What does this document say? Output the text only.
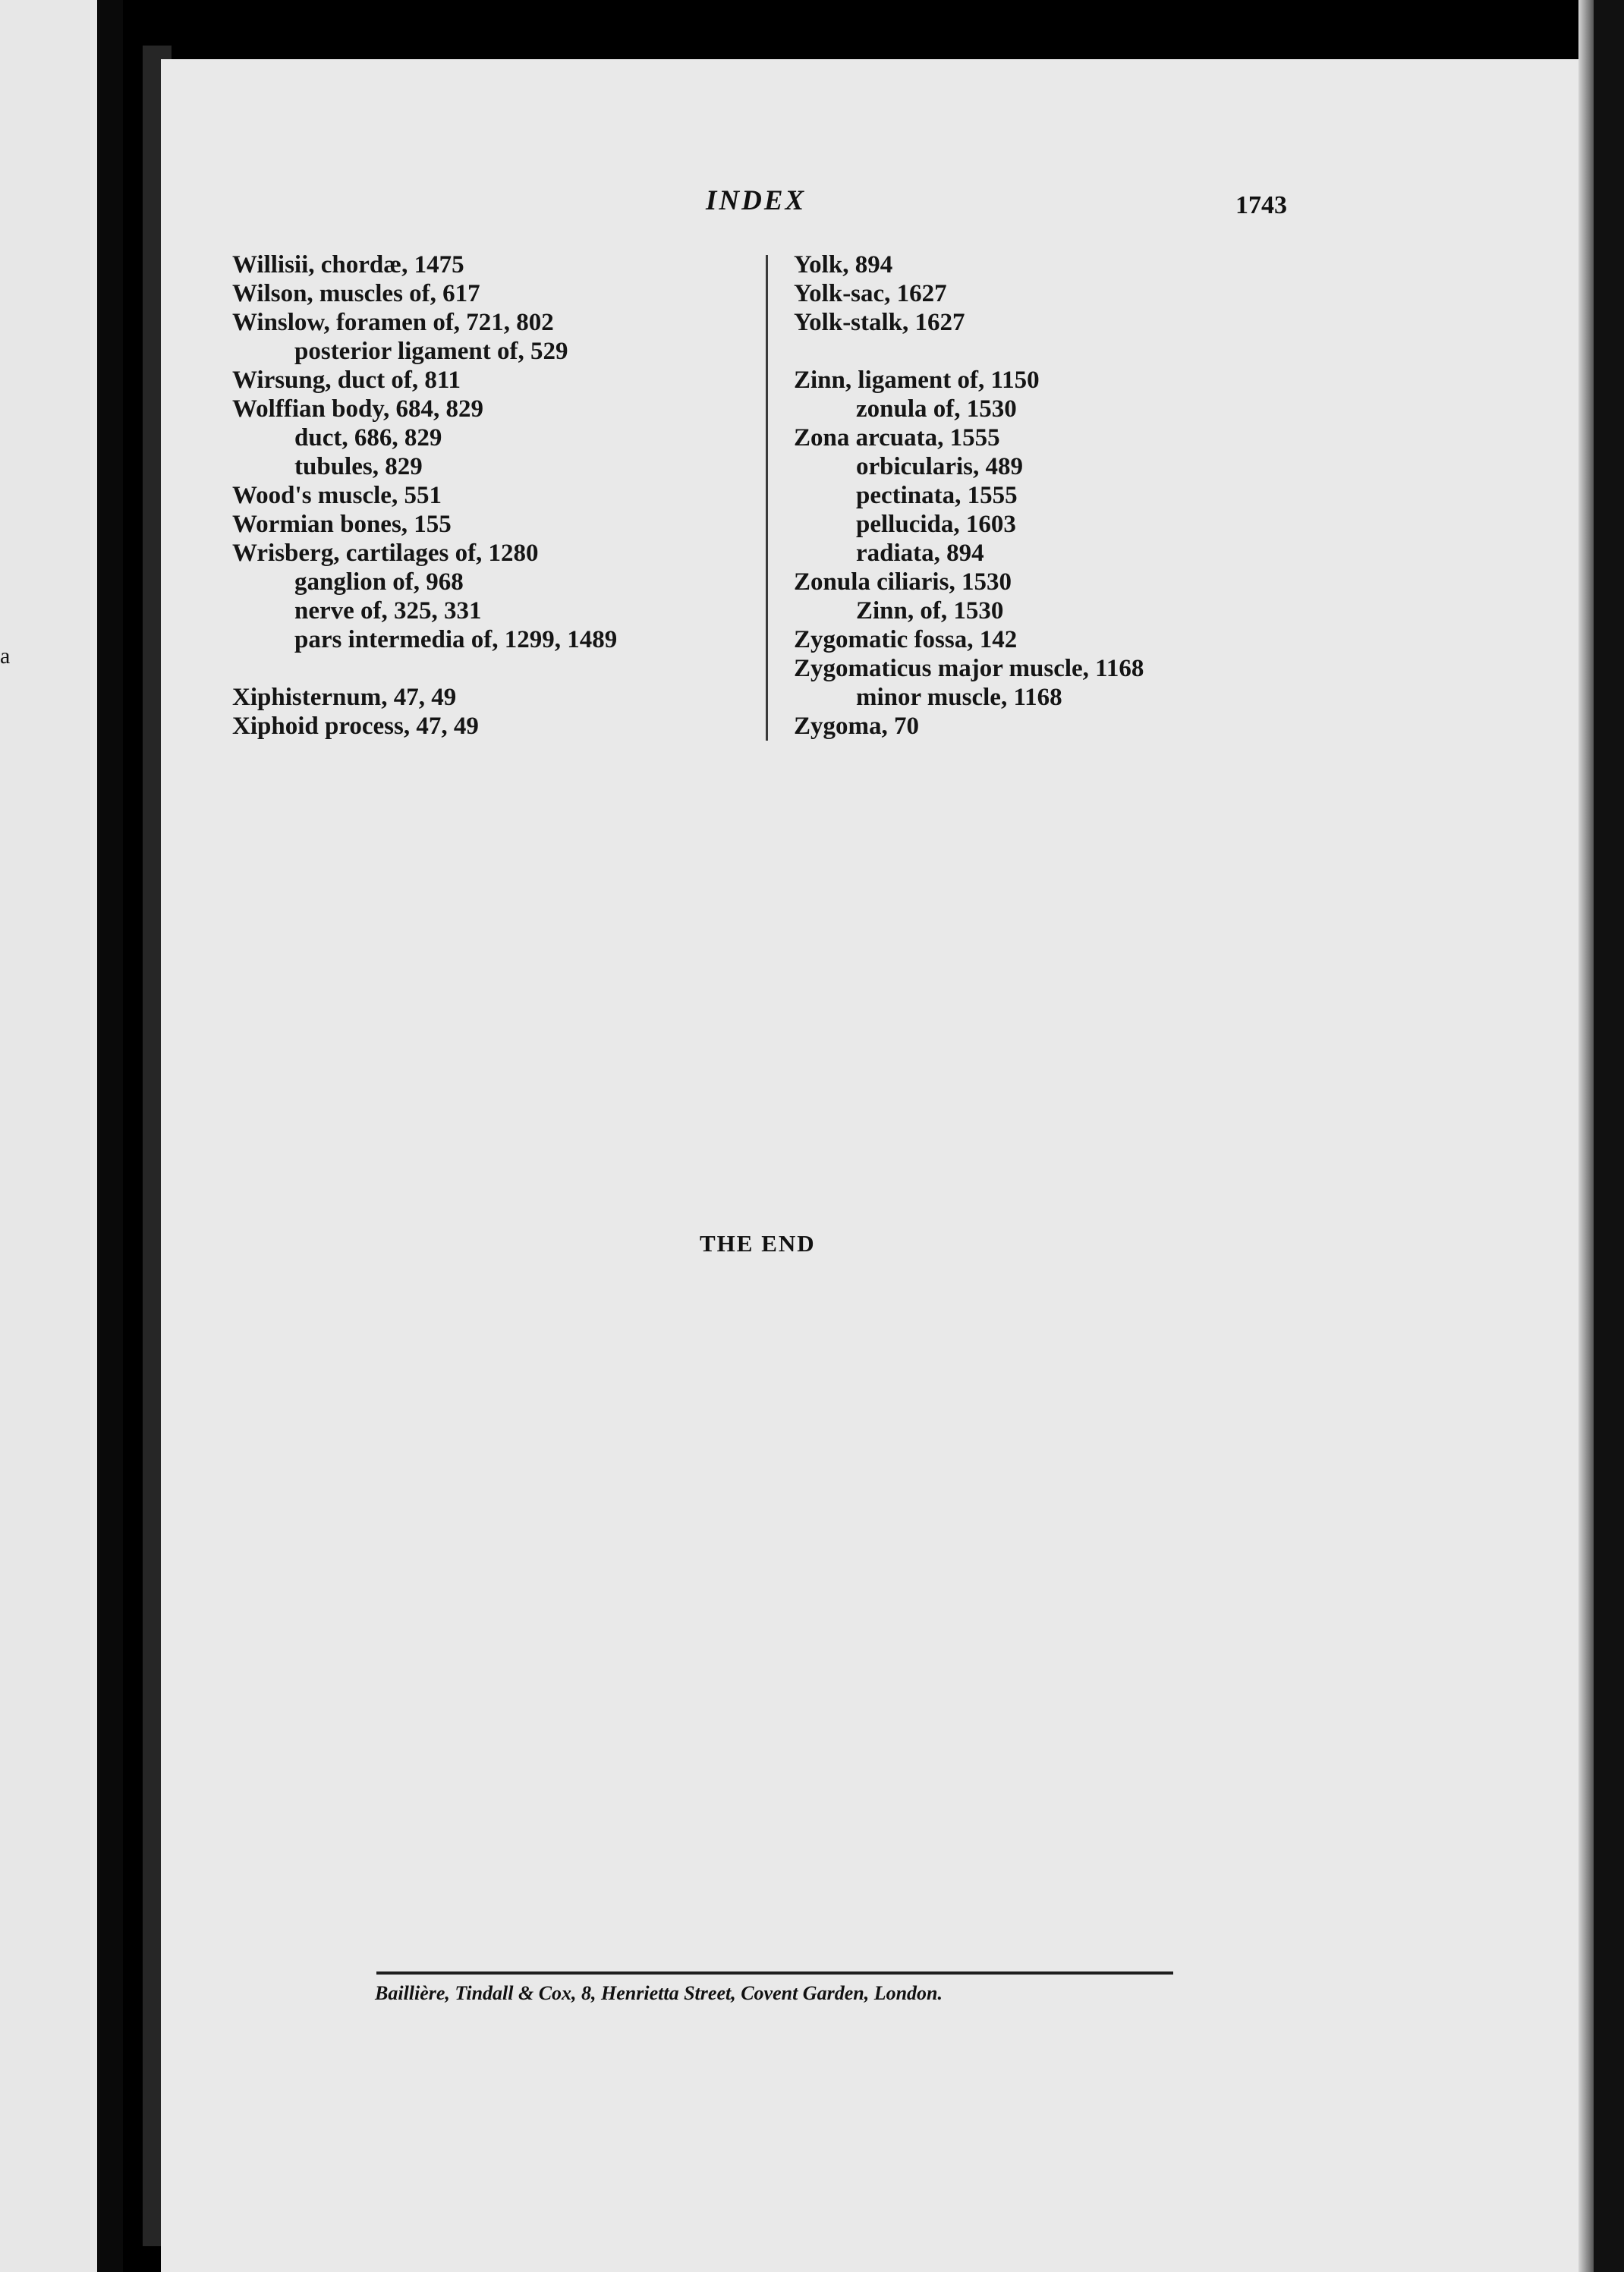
a
INDEX	1743
Willisii, chordæ, 1475
Wilson, muscles of, 617
Winslow, foramen of, 721, 802
posterior ligament of, 529
Wirsung, duct of, 811
Wolffian body, 684, 829
duct, 686, 829
tubules, 829
Wood's muscle, 551
Wormian bones, 155
Wrisberg, cartilages of, 1280
ganglion of, 968
nerve of, 325, 331
pars intermedia of, 1299, 1489
Xiphisternum, 47, 49
Xiphoid process, 47, 49
Yolk, 894
Yolk-sac, 1627
Yolk-stalk, 1627
Zinn, ligament of, 1150
zonula of, 1530
Zona arcuata, 1555
orbicularis, 489
pectinata, 1555
pellucida, 1603
radiata, 894
Zonula ciliaris, 1530
Zinn, of, 1530
Zygomatic fossa, 142
Zygomaticus major muscle, 1168
minor muscle, 1168
Zygoma, 70
THE END
Baillière, Tindall & Cox, 8, Henrietta Street, Covent Garden, London.
